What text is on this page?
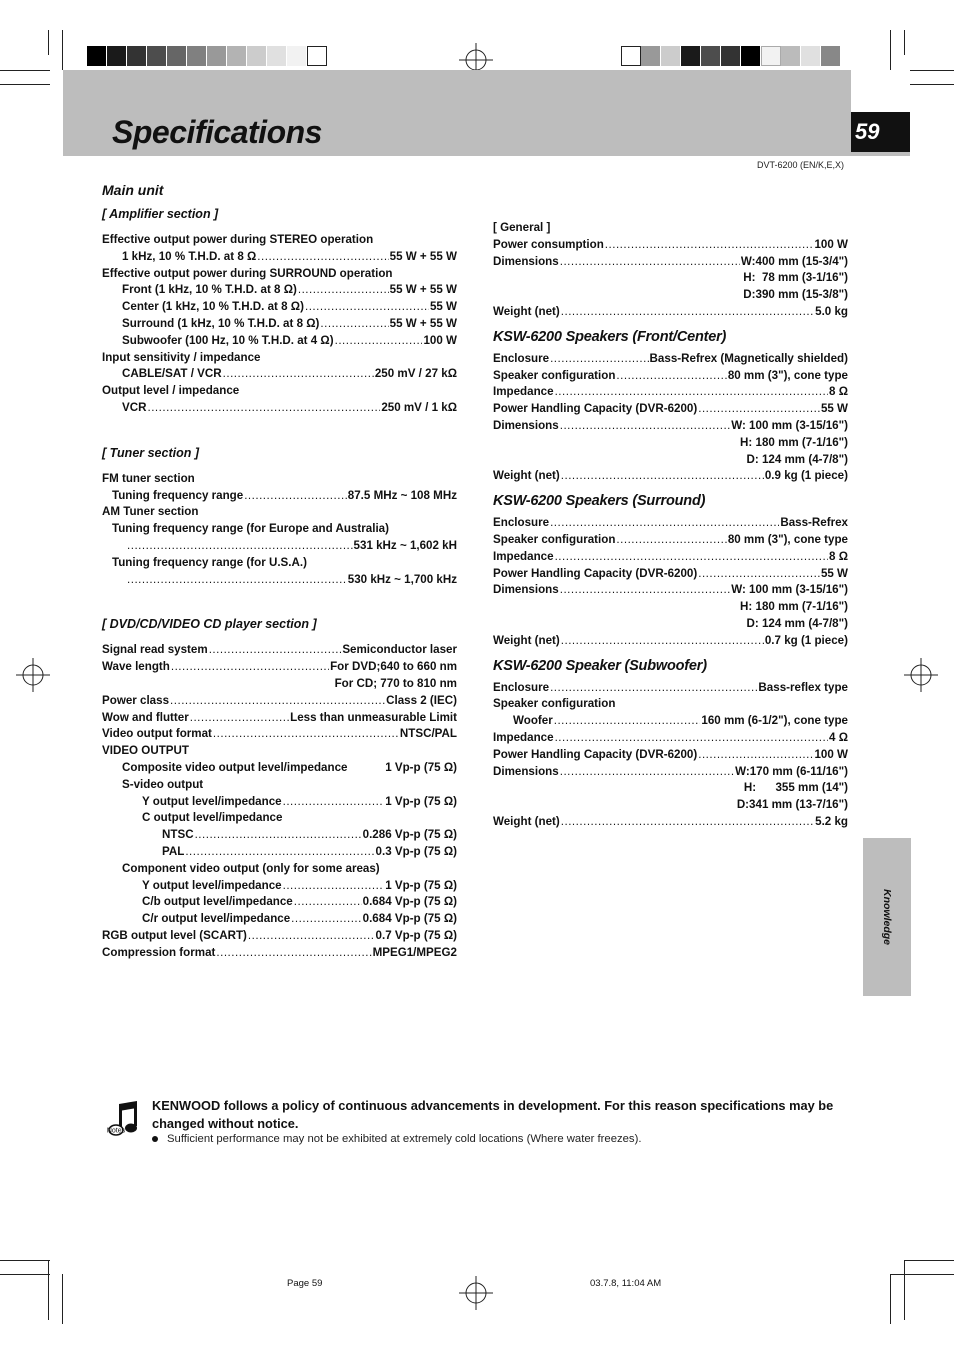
59
Specifications
DVT-6200 (EN/K,E,X)
Main unit
[ Amplifier section ]
Effective output power during STEREO operation
1 kHz, 10 % T.H.D. at 8 Ω .....	55 W + 55 W
Effective output power during SURROUND operation
Front (1 kHz, 10 % T.H.D. at 8 Ω) .....	55 W + 55 W
Center (1 kHz, 10 % T.H.D. at 8 Ω) .....	55 W
Surround (1 kHz, 10 % T.H.D. at 8 Ω) .....	55 W + 55 W
Subwoofer (100 Hz, 10 % T.H.D. at 4 Ω) .....	100 W
Input sensitivity / impedance
CABLE/SAT / VCR .....	250 mV / 27 kΩ
Output level / impedance
VCR .....	250 mV / 1 kΩ
[ Tuner section ]
FM tuner section
Tuning frequency range .....	87.5 MHz ~ 108 MHz
AM Tuner section
Tuning frequency range (for Europe and Australia)
.....
531 kHz ~ 1,602 kH
Tuning frequency range (for U.S.A.)
.....
530 kHz ~ 1,700 kHz
[ DVD/CD/VIDEO CD player section ]
Signal read system .....	Semiconductor laser
Wave length .....	For DVD;640 to 660 nm
For CD; 770 to 810 nm
Power class .....	Class 2 (IEC)
Wow and flutter .....	Less than unmeasurable Limit
Video output format .....	NTSC/PAL
VIDEO OUTPUT
Composite video output level/impedance	1 Vp-p (75 Ω)
S-video output
Y output level/impedance .....	1 Vp-p (75 Ω)
C output level/impedance
NTSC .....	0.286 Vp-p (75 Ω)
PAL .....	0.3 Vp-p (75 Ω)
Component video output (only for some areas)
Y output level/impedance .....	1 Vp-p (75 Ω)
C/b output level/impedance .....	0.684 Vp-p (75 Ω)
C/r output level/impedance .....	0.684 Vp-p (75 Ω)
RGB output level (SCART) .....	0.7 Vp-p (75 Ω)
Compression format .....	MPEG1/MPEG2
[ General ]
Power consumption .....	100 W
Dimensions .....	W:400 mm (15-3/4")
H:  78 mm (3-1/16")
D:390 mm (15-3/8")
Weight (net) .....	5.0 kg
KSW-6200 Speakers (Front/Center)
Enclosure .....	Bass-Refrex (Magnetically shielded)
Speaker configuration .....	80 mm (3"), cone type
Impedance .....	8 Ω
Power Handling Capacity (DVR-6200) .....	55 W
Dimensions .....	W: 100 mm (3-15/16")
H: 180 mm (7-1/16")
D: 124 mm (4-7/8")
Weight (net) .....	0.9 kg (1 piece)
KSW-6200 Speakers (Surround)
Enclosure .....	Bass-Refrex
Speaker configuration .....	80 mm (3"), cone type
Impedance .....	8 Ω
Power Handling Capacity (DVR-6200) .....	55 W
Dimensions .....	W: 100 mm (3-15/16")
H: 180 mm (7-1/16")
D: 124 mm (4-7/8")
Weight (net) .....	0.7 kg (1 piece)
KSW-6200 Speaker (Subwoofer)
Enclosure .....	Bass-reflex type
Speaker configuration
Woofer .....	160 mm (6-1/2"), cone type
Impedance .....	4 Ω
Power Handling Capacity (DVR-6200) .....	100 W
Dimensions .....	W:170 mm (6-11/16")
H:      355 mm (14")
D:341 mm (13-7/16")
Weight (net) .....	5.2 kg
Knowledge
Notes
KENWOOD follows a policy of continuous advancements in development. For this reason specifications may be changed without notice.
Sufficient performance may not be exhibited at extremely cold locations (Where water freezes).
Page 59	03.7.8, 11:04 AM
